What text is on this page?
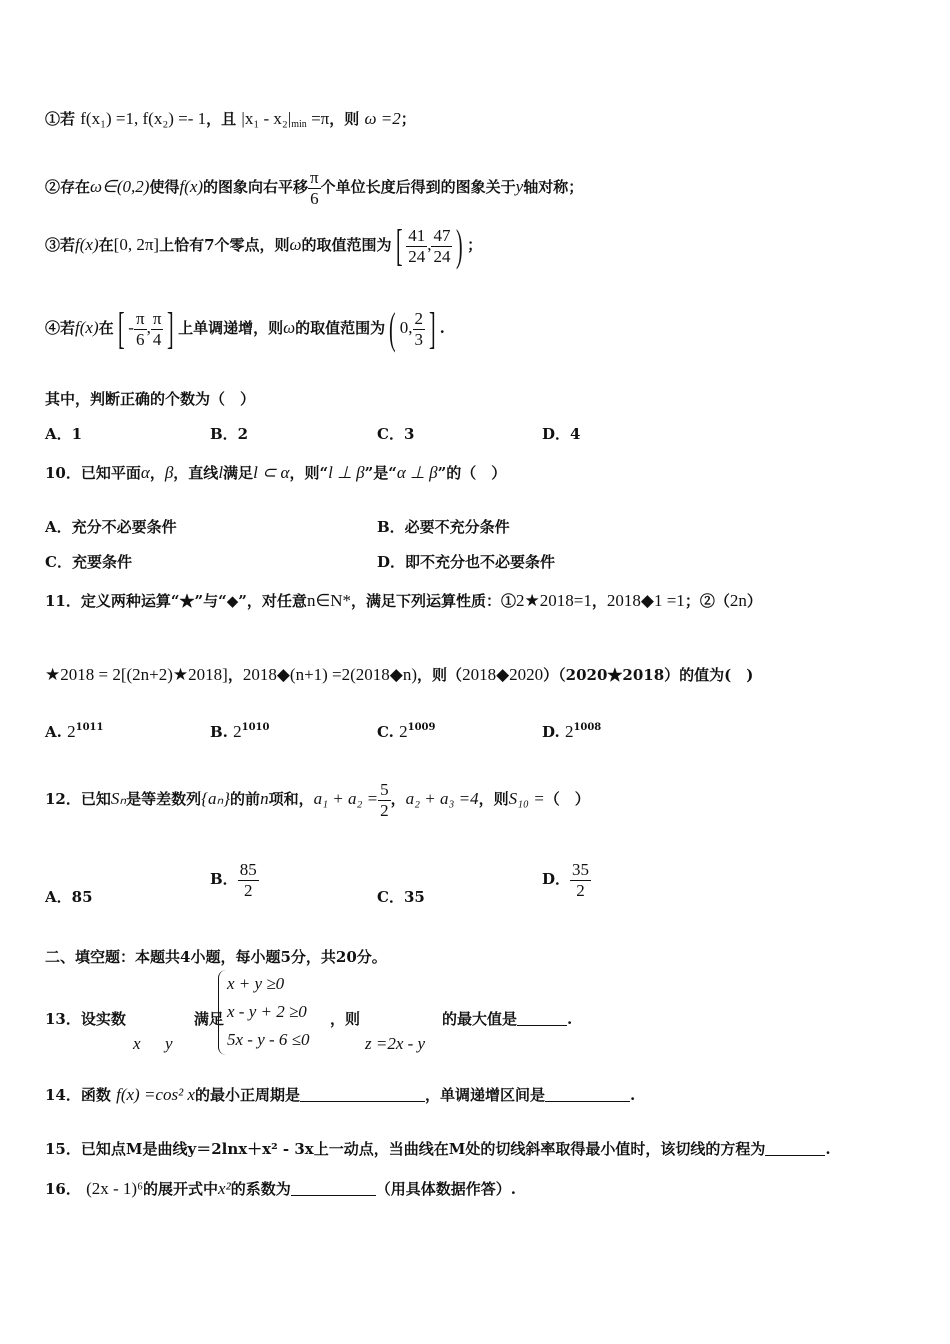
①若 f(x₁) =1, f(x₂) =- 1，且 $|x_1 - x_2|_{min} =\pi$，则 ω =2；
②存在ω∈(0,2)使得f(x)的图象向右平移 $\frac{\pi}{6}$ 个单位长度后得到的图象关于y轴对称；
③若f(x)在[0, 2π]上恰有7个零点，则ω的取值范围为[ $\frac{41}{24}$ , $\frac{47}{24}$ ) ；
④若f(x)在[ - $\frac{\pi}{6}$ , $\frac{\pi}{4}$ ] 上单调递增，则ω的取值范围为( 0, $\frac{2}{3}$ ] .
其中，判断正确的个数为（　）
A．1	B．2	C．3	D．4
10．已知平面α，β，直线l满足l ⊂ α，则“l ⊥ β”是“α ⊥ β”的（　）
A．充分不必要条件	B．必要不充分条件
C．充要条件	D．即不充分也不必要条件
11．定义两种运算“★”与“◆”，对任意n∈N*，满足下列运算性质：①2★2018=1，2018◆1 =1；②（2n）
★2018 = 2[(2n+2)★2018]，2018◆(n+1) =2(2018◆n)，则（2018◆2020）（2020★2018）的值为(　)
A. $2^{1011}$	B. $2^{1010}$	C. $2^{1009}$	D. $2^{1008}$
12．已知Sₙ是等差数列{aₙ}的前n项和，$a_1 + a_2 = \frac{5}{2}$ ，a₂ + a₃ =4，则S₁₀ =（　）
A．85
B． $\frac{85}{2}$	C．35
D． $\frac{35}{2}$
二、填空题：本题共4小题，每小题5分，共20分。
13．设实数	满足
x y
x + y ≥0
x - y + 2 ≥0
5x - y - 6 ≤0
，则	的最大值是	.
z =2x - y
14．函数 f(x) =cos² x的最小正周期是	，单调递增区间是	.
15．已知点M是曲线y＝2lnx＋x² - 3x上一动点，当曲线在M处的切线斜率取得最小值时，该切线的方程为	.
16． (2x - 1)⁶的展开式中x²的系数为	（用具体数据作答）.
